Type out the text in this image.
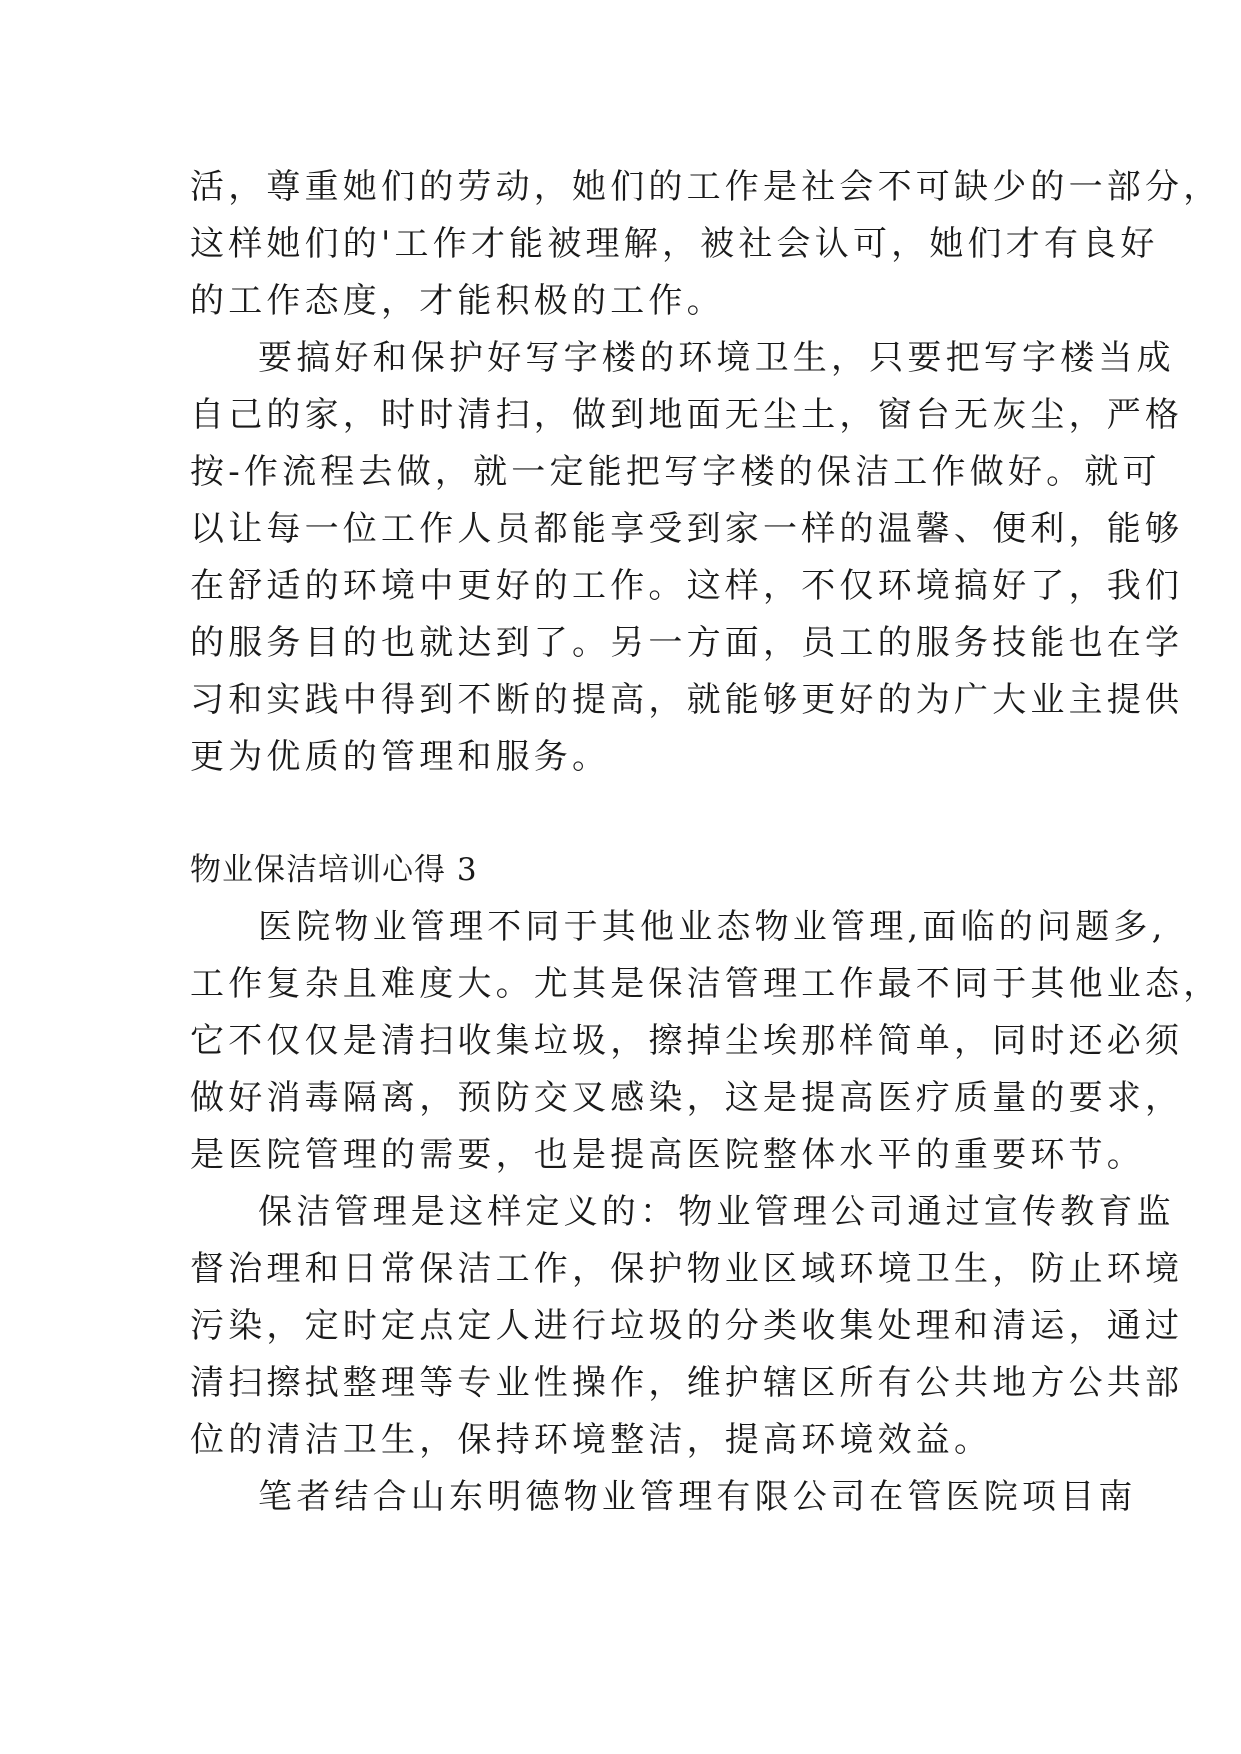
活，尊重她们的劳动，她们的工作是社会不可缺少的一部分，
这样她们的'工作才能被理解，被社会认可，她们才有良好
的工作态度，才能积极的工作。
要搞好和保护好写字楼的环境卫生，只要把写字楼当成
自己的家，时时清扫，做到地面无尘土，窗台无灰尘，严格
按-作流程去做，就一定能把写字楼的保洁工作做好。就可
以让每一位工作人员都能享受到家一样的温馨、便利，能够
在舒适的环境中更好的工作。这样，不仅环境搞好了，我们
的服务目的也就达到了。另一方面，员工的服务技能也在学
习和实践中得到不断的提高，就能够更好的为广大业主提供
更为优质的管理和服务。
物业保洁培训心得 3
医院物业管理不同于其他业态物业管理,面临的问题多,
工作复杂且难度大。尤其是保洁管理工作最不同于其他业态，
它不仅仅是清扫收集垃圾，擦掉尘埃那样简单，同时还必须
做好消毒隔离，预防交叉感染，这是提高医疗质量的要求，
是医院管理的需要，也是提高医院整体水平的重要环节。
保洁管理是这样定义的：物业管理公司通过宣传教育监
督治理和日常保洁工作，保护物业区域环境卫生，防止环境
污染，定时定点定人进行垃圾的分类收集处理和清运，通过
清扫擦拭整理等专业性操作，维护辖区所有公共地方公共部
位的清洁卫生，保持环境整洁，提高环境效益。
笔者结合山东明德物业管理有限公司在管医院项目南
